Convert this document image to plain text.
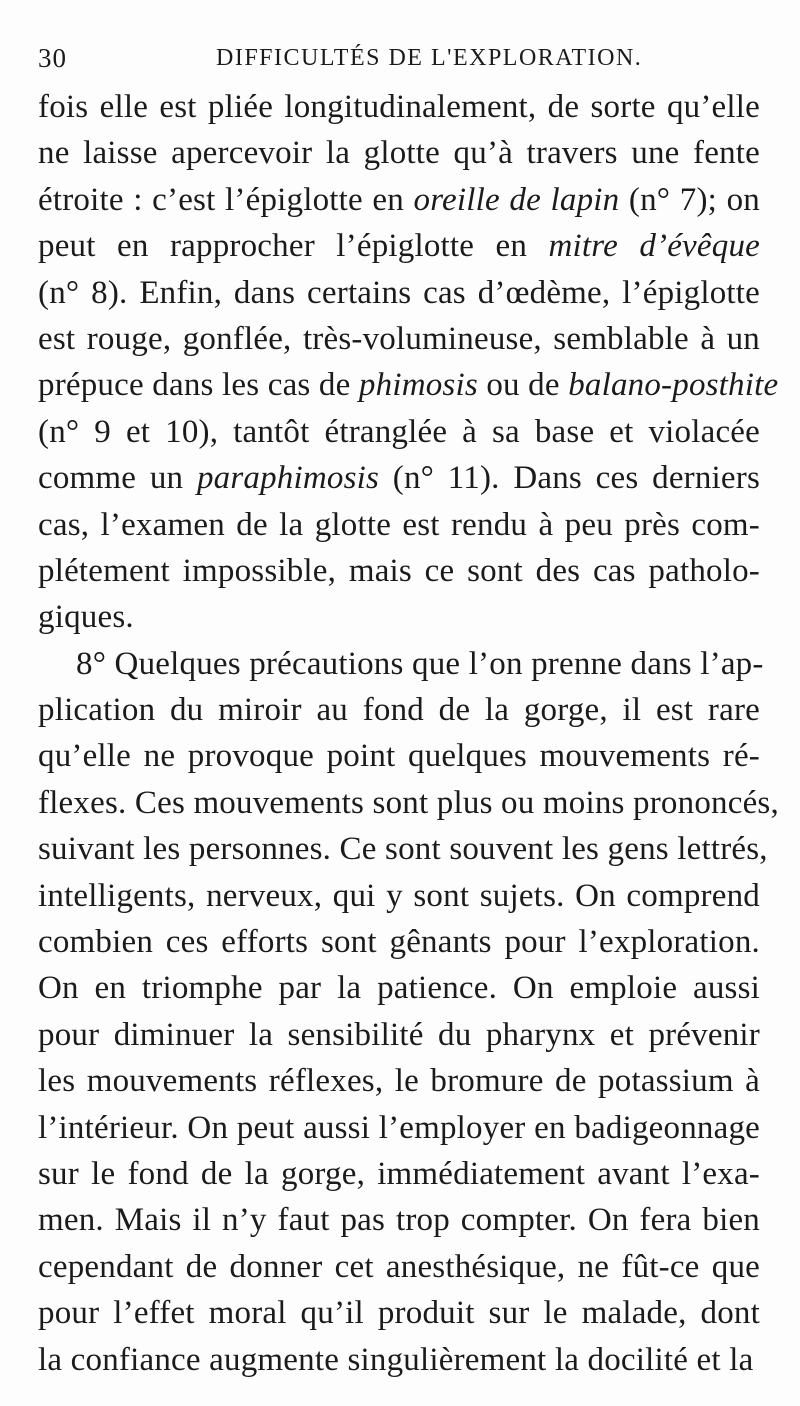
30	DIFFICULTÉS DE L'EXPLORATION.
fois elle est pliée longitudinalement, de sorte qu’elle
ne laisse apercevoir la glotte qu’à travers une fente
étroite : c’est l’épiglotte en oreille de lapin (n° 7); on
peut en rapprocher l’épiglotte en mitre d’évêque
(n° 8). Enfin, dans certains cas d’œdème, l’épiglotte
est rouge, gonflée, très-volumineuse, semblable à un
prépuce dans les cas de phimosis ou de balano-posthite
(n° 9 et 10), tantôt étranglée à sa base et violacée
comme un paraphimosis (n° 11). Dans ces derniers
cas, l’examen de la glotte est rendu à peu près com-
plétement impossible, mais ce sont des cas patholo-
giques.
8° Quelques précautions que l’on prenne dans l’ap-
plication du miroir au fond de la gorge, il est rare
qu’elle ne provoque point quelques mouvements ré-
flexes. Ces mouvements sont plus ou moins prononcés,
suivant les personnes. Ce sont souvent les gens lettrés,
intelligents, nerveux, qui y sont sujets. On comprend
combien ces efforts sont gênants pour l’exploration.
On en triomphe par la patience. On emploie aussi
pour diminuer la sensibilité du pharynx et prévenir
les mouvements réflexes, le bromure de potassium à
l’intérieur. On peut aussi l’employer en badigeonnage
sur le fond de la gorge, immédiatement avant l’exa-
men. Mais il n’y faut pas trop compter. On fera bien
cependant de donner cet anesthésique, ne fût-ce que
pour l’effet moral qu’il produit sur le malade, dont
la confiance augmente singulièrement la docilité et la
